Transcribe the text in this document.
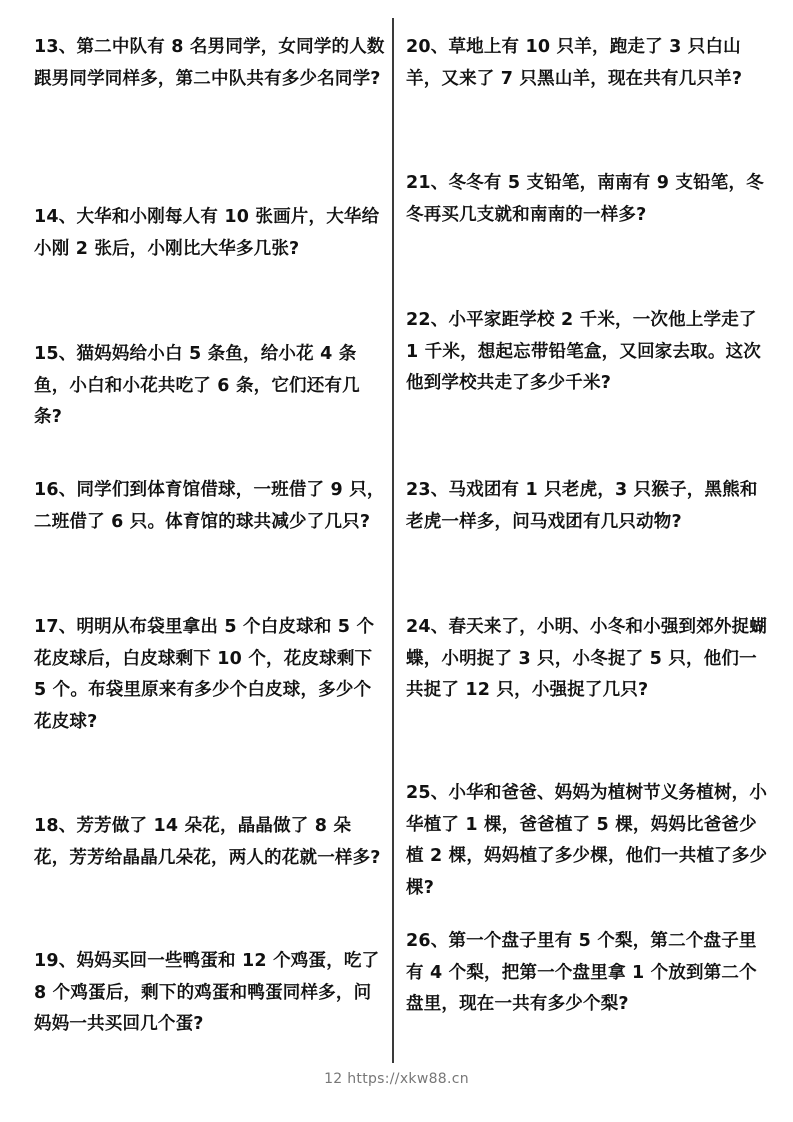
13、第二中队有 8 名男同学，女同学的人数跟男同学同样多，第二中队共有多少名同学?
14、大华和小刚每人有 10 张画片，大华给小刚 2 张后，小刚比大华多几张?
15、猫妈妈给小白 5 条鱼，给小花 4 条鱼，小白和小花共吃了 6 条，它们还有几条?
16、同学们到体育馆借球，一班借了 9 只，二班借了 6 只。体育馆的球共减少了几只?
17、明明从布袋里拿出 5 个白皮球和 5 个花皮球后，白皮球剩下 10 个，花皮球剩下 5 个。布袋里原来有多少个白皮球，多少个花皮球?
18、芳芳做了 14 朵花，晶晶做了 8 朵花，芳芳给晶晶几朵花，两人的花就一样多?
19、妈妈买回一些鸭蛋和 12 个鸡蛋，吃了 8 个鸡蛋后，剩下的鸡蛋和鸭蛋同样多，问妈妈一共买回几个蛋?
20、草地上有 10 只羊，跑走了 3 只白山羊，又来了 7 只黑山羊，现在共有几只羊?
21、冬冬有 5 支铅笔，南南有 9 支铅笔，冬冬再买几支就和南南的一样多?
22、小平家距学校 2 千米，一次他上学走了 1 千米，想起忘带铅笔盒，又回家去取。这次他到学校共走了多少千米?
23、马戏团有 1 只老虎，3 只猴子，黑熊和老虎一样多，问马戏团有几只动物?
24、春天来了，小明、小冬和小强到郊外捉蝴蝶，小明捉了 3 只，小冬捉了 5 只，他们一共捉了 12 只，小强捉了几只?
25、小华和爸爸、妈妈为植树节义务植树，小华植了 1 棵，爸爸植了 5 棵，妈妈比爸爸少植 2 棵，妈妈植了多少棵，他们一共植了多少棵?
26、第一个盘子里有 5 个梨，第二个盘子里有 4 个梨，把第一个盘里拿 1 个放到第二个盘里，现在一共有多少个梨?
12 https://xkw88.cn
